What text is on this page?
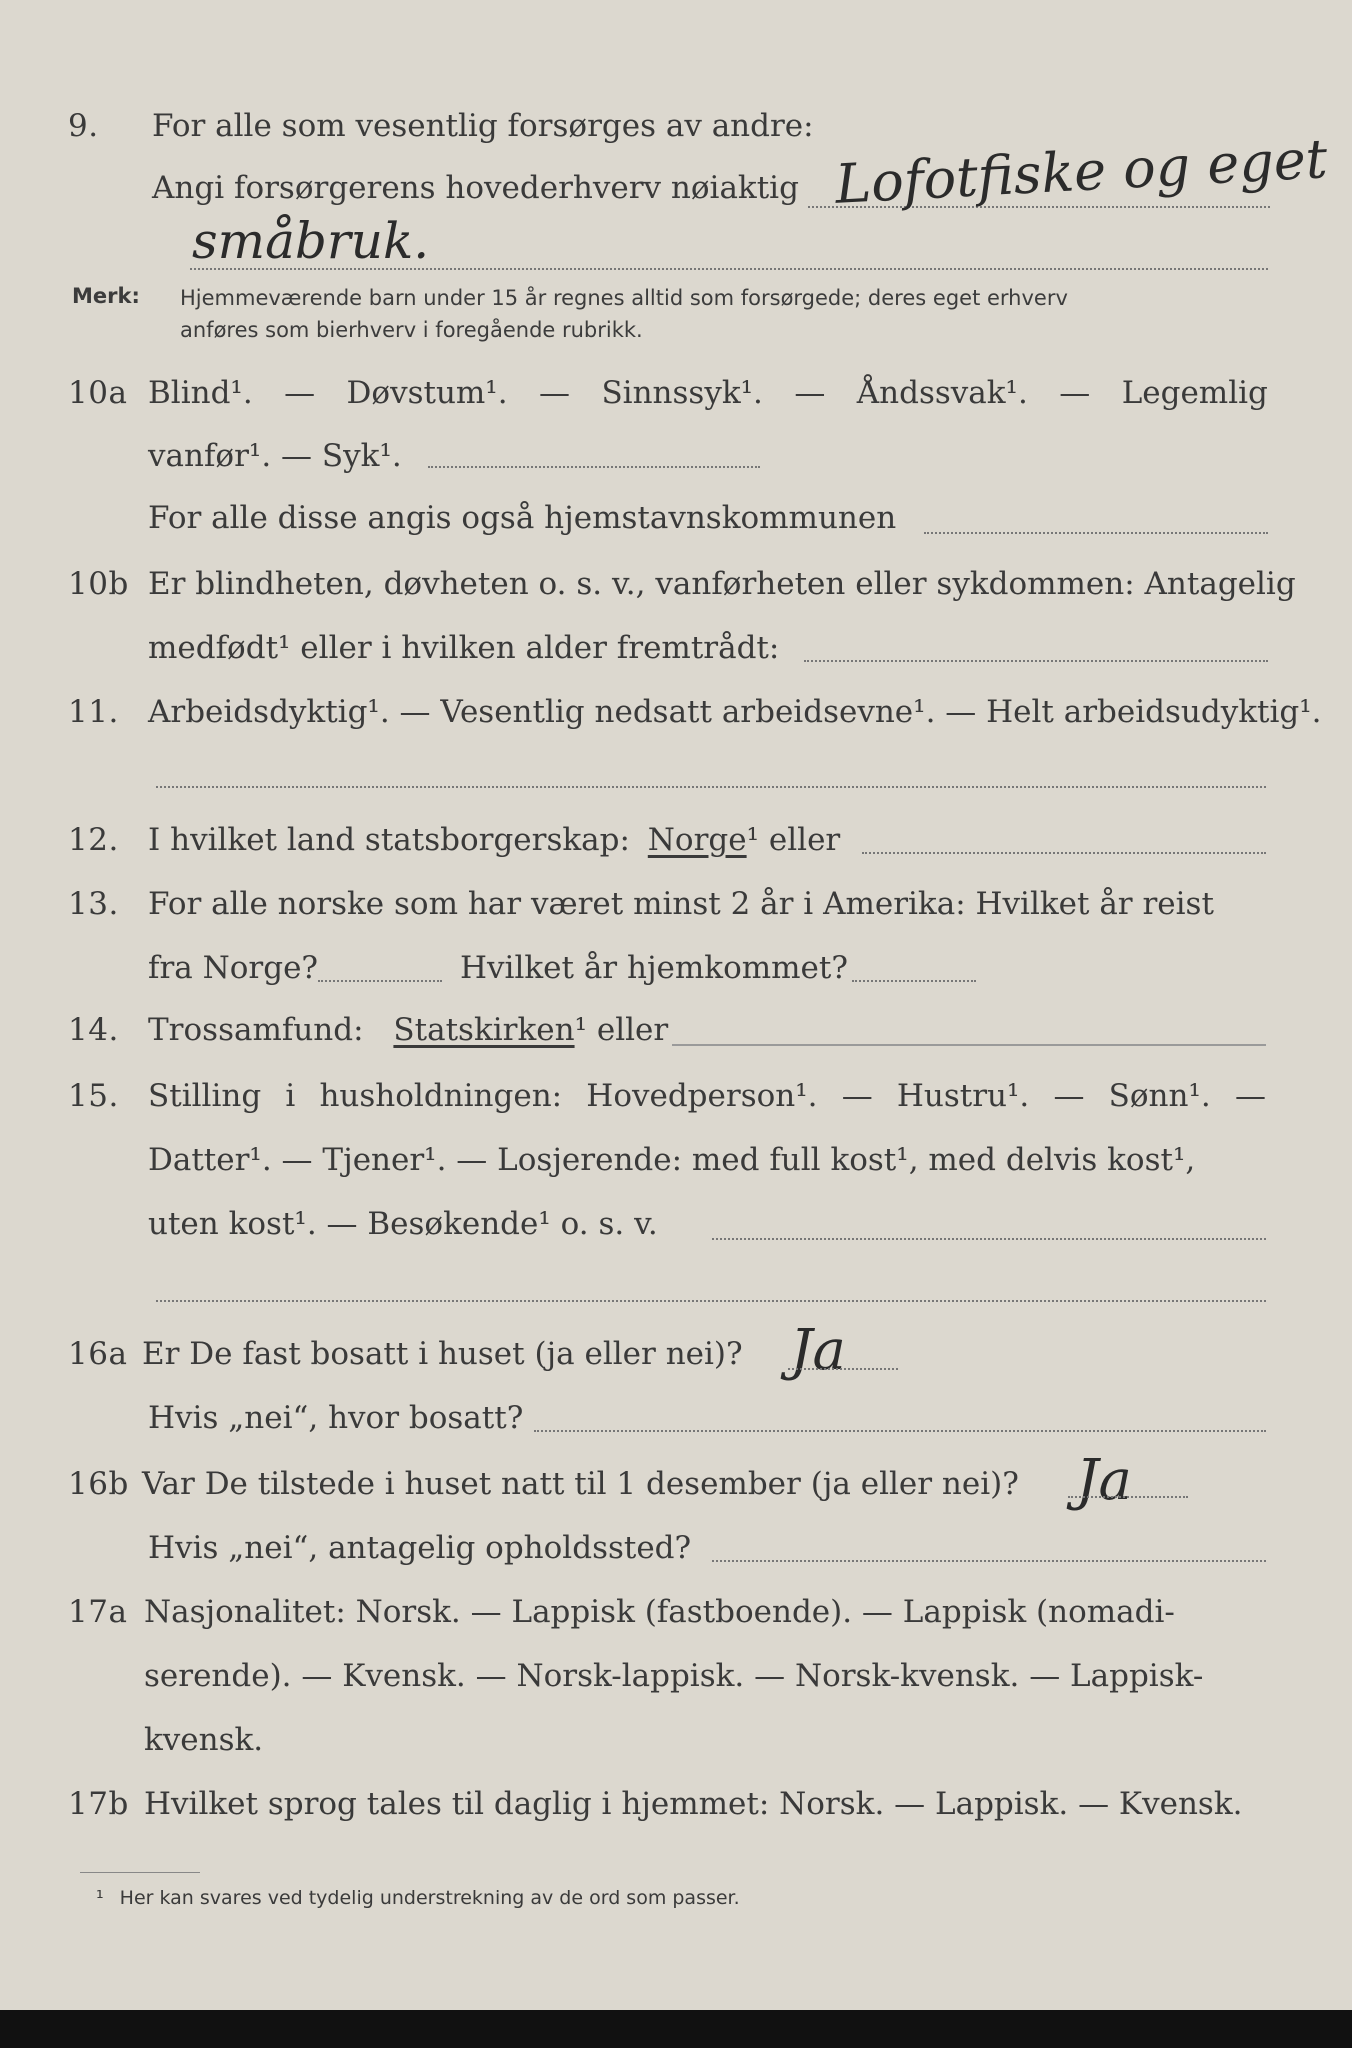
9. For alle som vesentlig forsørges av andre:
Angi forsørgerens hovederhverv nøiaktig Lofotfiske og eget
småbruk.
Merk: Hjemmeværende barn under 15 år regnes alltid som forsørgede; deres eget erhverv
anføres som bierhverv i foregående rubrikk.
10a Blind¹. — Døvstum¹. — Sinnssyk¹. — Åndssvak¹. — Legemlig
vanfør¹. — Syk¹.
For alle disse angis også hjemstavnskommunen
10b Er blindheten, døvheten o. s. v., vanførheten eller sykdommen: Antagelig
medfødt¹ eller i hvilken alder fremtrådt:
11. Arbeidsdyktig¹. — Vesentlig nedsatt arbeidsevne¹. — Helt arbeidsudyktig¹.
12. I hvilket land statsborgerskap: Norge¹ eller
13. For alle norske som har været minst 2 år i Amerika: Hvilket år reist
fra Norge?	Hvilket år hjemkommet?
14. Trossamfund: Statskirken¹ eller
15. Stilling i husholdningen: Hovedperson¹. — Hustru¹. — Sønn¹. —
Datter¹. — Tjener¹. — Losjerende: med full kost¹, med delvis kost¹,
uten kost¹. — Besøkende¹ o. s. v.
16a Er De fast bosatt i huset (ja eller nei)? Ja
Hvis „nei“, hvor bosatt?
16b Var De tilstede i huset natt til 1 desember (ja eller nei)? Ja
Hvis „nei“, antagelig opholdssted?
17a Nasjonalitet: Norsk. — Lappisk (fastboende). — Lappisk (nomadi-
serende). — Kvensk. — Norsk-lappisk. — Norsk-kvensk. — Lappisk-
kvensk.
17b Hvilket sprog tales til daglig i hjemmet: Norsk. — Lappisk. — Kvensk.
¹ Her kan svares ved tydelig understrekning av de ord som passer.
